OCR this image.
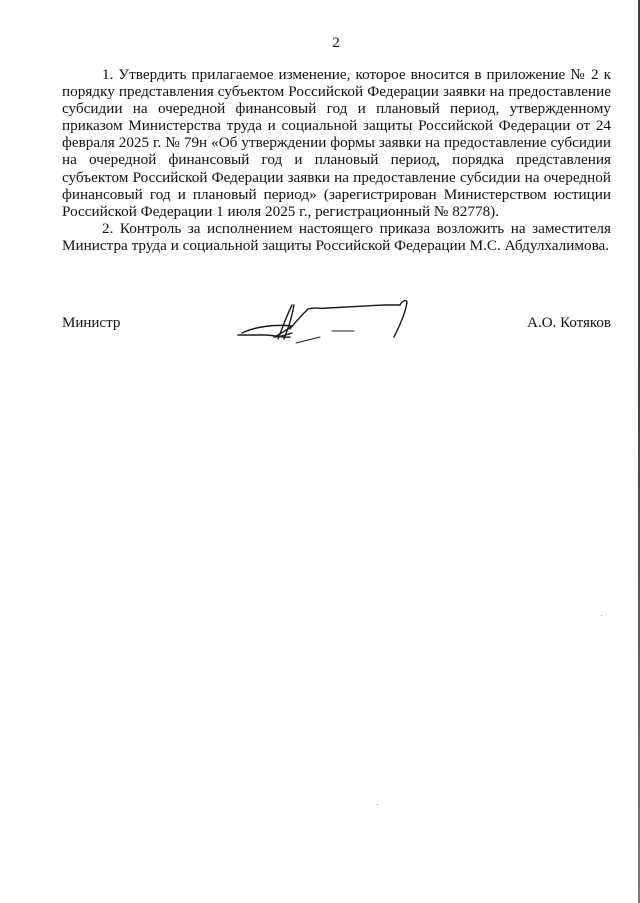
2

1. Утвердить прилагаемое изменение, которое вносится в приложение № 2 к порядку представления субъектом Российской Федерации заявки на предоставление субсидии на очередной финансовый год и плановый период, утвержденному приказом Министерства труда и социальной защиты Российской Федерации от 24 февраля 2025 г. № 79н «Об утверждении формы заявки на предоставление субсидии на очередной финансовый год и плановый период, порядка представления субъектом Российской Федерации заявки на предоставление субсидии на очередной финансовый год и плановый период» (зарегистрирован Министерством юстиции Российской Федерации 1 июля 2025 г., регистрационный № 82778).

2. Контроль за исполнением настоящего приказа возложить на заместителя Министра труда и социальной защиты Российской Федерации М.С. Абдулхалимова.

Министр	А.О. Котяков
